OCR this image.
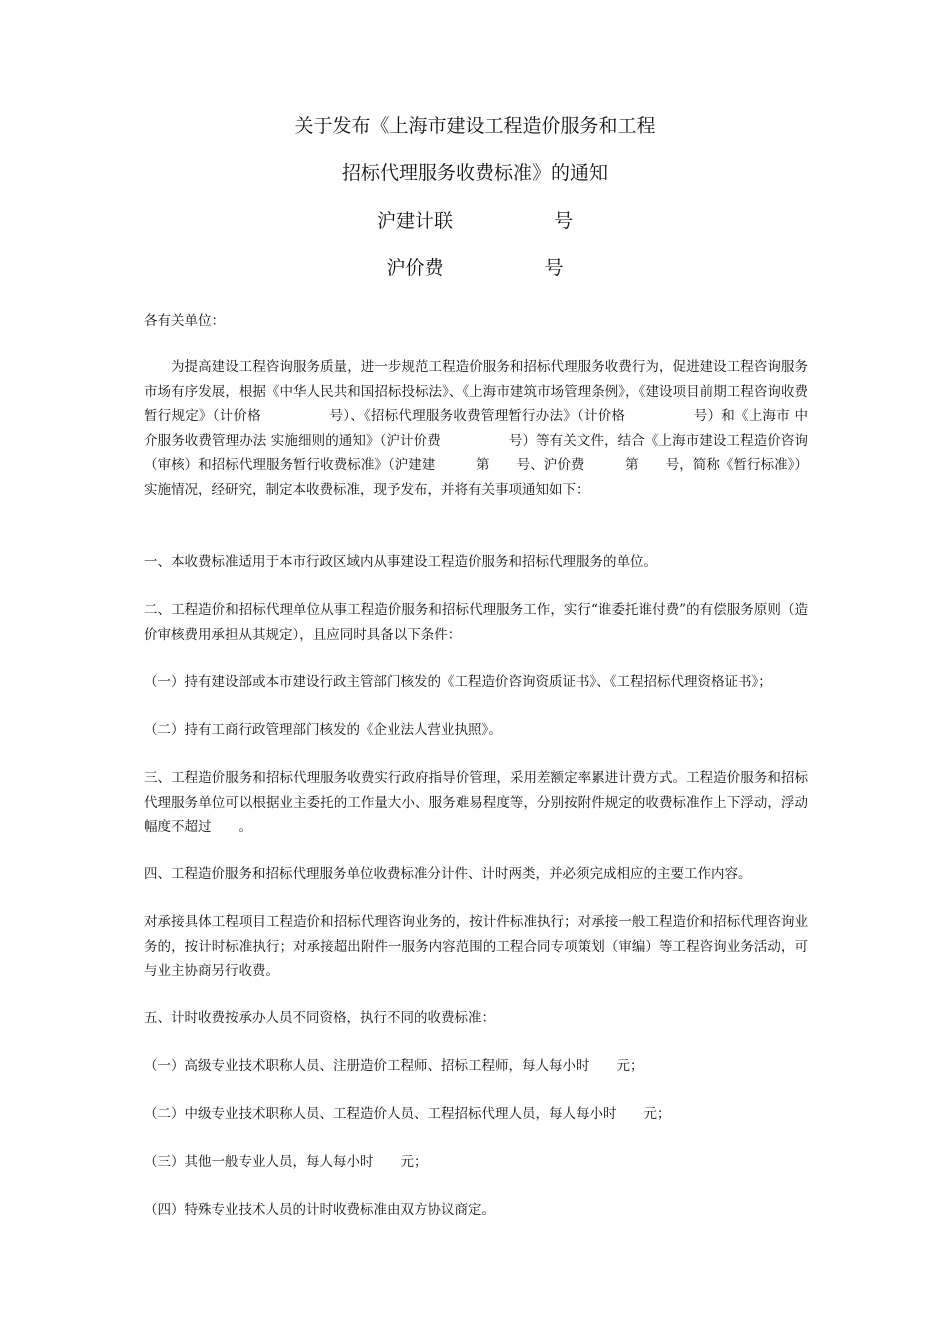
关于发布《上海市建设工程造价服务和工程
招标代理服务收费标准》的通知
沪建计联 　　　　　号
沪价费 　　　　　号
各有关单位：

为提高建设工程咨询服务质量，进一步规范工程造价服务和招标代理服务收费行为，促进建设工程咨询服务市场有序发展，根据《中华人民共和国招标投标法》、《上海市建筑市场管理条例》，《建设项目前期工程咨询收费暂行规定》（计价格　　　　　号）、《招标代理服务收费管理暂行办法》（计价格　　　　　号）和《上海市 中介服务收费管理办法 实施细则的通知》（沪计价费　　　　　号）等有关文件，结合《上海市建设工程造价咨询（审核）和招标代理服务暂行收费标准》（沪建建　　　第　　号、沪价费　　　第　　号，简称《暂行标准》）实施情况，经研究，制定本收费标准，现予发布，并将有关事项通知如下：

一、本收费标准适用于本市行政区域内从事建设工程造价服务和招标代理服务的单位。

二、工程造价和招标代理单位从事工程造价服务和招标代理服务工作，实行“谁委托谁付费”的有偿服务原则（造价审核费用承担从其规定），且应同时具备以下条件：

（一）持有建设部或本市建设行政主管部门核发的《工程造价咨询资质证书》、《工程招标代理资格证书》；

（二）持有工商行政管理部门核发的《企业法人营业执照》。

三、工程造价服务和招标代理服务收费实行政府指导价管理，采用差额定率累进计费方式。工程造价服务和招标代理服务单位可以根据业主委托的工作量大小、服务难易程度等，分别按附件规定的收费标准作上下浮动，浮动幅度不超过　　。

四、工程造价服务和招标代理服务单位收费标准分计件、计时两类，并必须完成相应的主要工作内容。

对承接具体工程项目工程造价和招标代理咨询业务的，按计件标准执行；对承接一般工程造价和招标代理咨询业务的，按计时标准执行；对承接超出附件一服务内容范围的工程合同专项策划（审编）等工程咨询业务活动，可与业主协商另行收费。

五、计时收费按承办人员不同资格，执行不同的收费标准：

（一）高级专业技术职称人员、注册造价工程师、招标工程师，每人每小时　　元；

（二）中级专业技术职称人员、工程造价人员、工程招标代理人员，每人每小时　　元；

（三）其他一般专业人员，每人每小时　　元；

（四）特殊专业技术人员的计时收费标准由双方协议商定。
